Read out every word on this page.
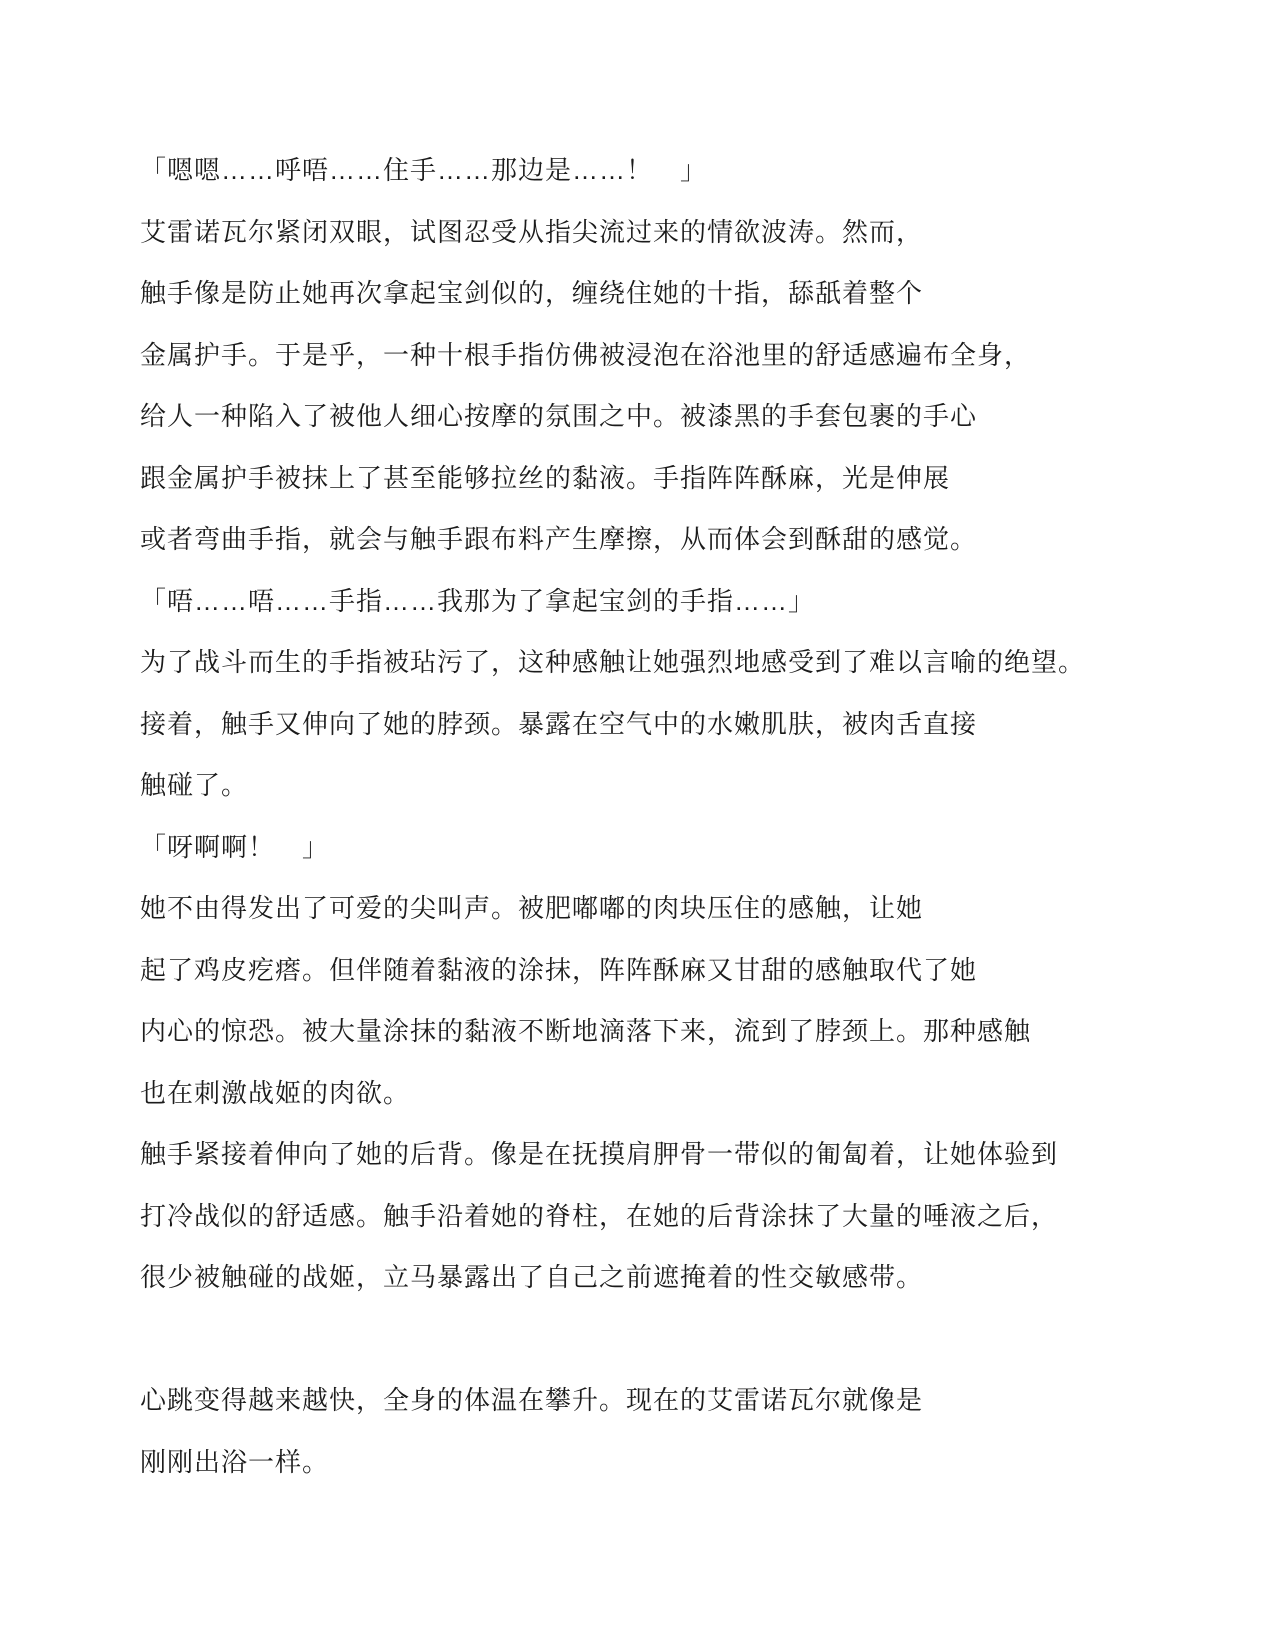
「嗯嗯……呼唔……住手……那边是……！　」
艾雷诺瓦尔紧闭双眼，试图忍受从指尖流过来的情欲波涛。然而，
触手像是防止她再次拿起宝剑似的，缠绕住她的十指，舔舐着整个
金属护手。于是乎，一种十根手指仿佛被浸泡在浴池里的舒适感遍布全身，
给人一种陷入了被他人细心按摩的氛围之中。被漆黑的手套包裹的手心
跟金属护手被抹上了甚至能够拉丝的黏液。手指阵阵酥麻，光是伸展
或者弯曲手指，就会与触手跟布料产生摩擦，从而体会到酥甜的感觉。
「唔……唔……手指……我那为了拿起宝剑的手指……」
为了战斗而生的手指被玷污了，这种感触让她强烈地感受到了难以言喻的绝望。
接着，触手又伸向了她的脖颈。暴露在空气中的水嫩肌肤，被肉舌直接
触碰了。
「呀啊啊！　」
她不由得发出了可爱的尖叫声。被肥嘟嘟的肉块压住的感触，让她
起了鸡皮疙瘩。但伴随着黏液的涂抹，阵阵酥麻又甘甜的感触取代了她
内心的惊恐。被大量涂抹的黏液不断地滴落下来，流到了脖颈上。那种感触
也在刺激战姬的肉欲。
触手紧接着伸向了她的后背。像是在抚摸肩胛骨一带似的匍匐着，让她体验到
打冷战似的舒适感。触手沿着她的脊柱，在她的后背涂抹了大量的唾液之后，
很少被触碰的战姬，立马暴露出了自己之前遮掩着的性交敏感带。
心跳变得越来越快，全身的体温在攀升。现在的艾雷诺瓦尔就像是
刚刚出浴一样。
